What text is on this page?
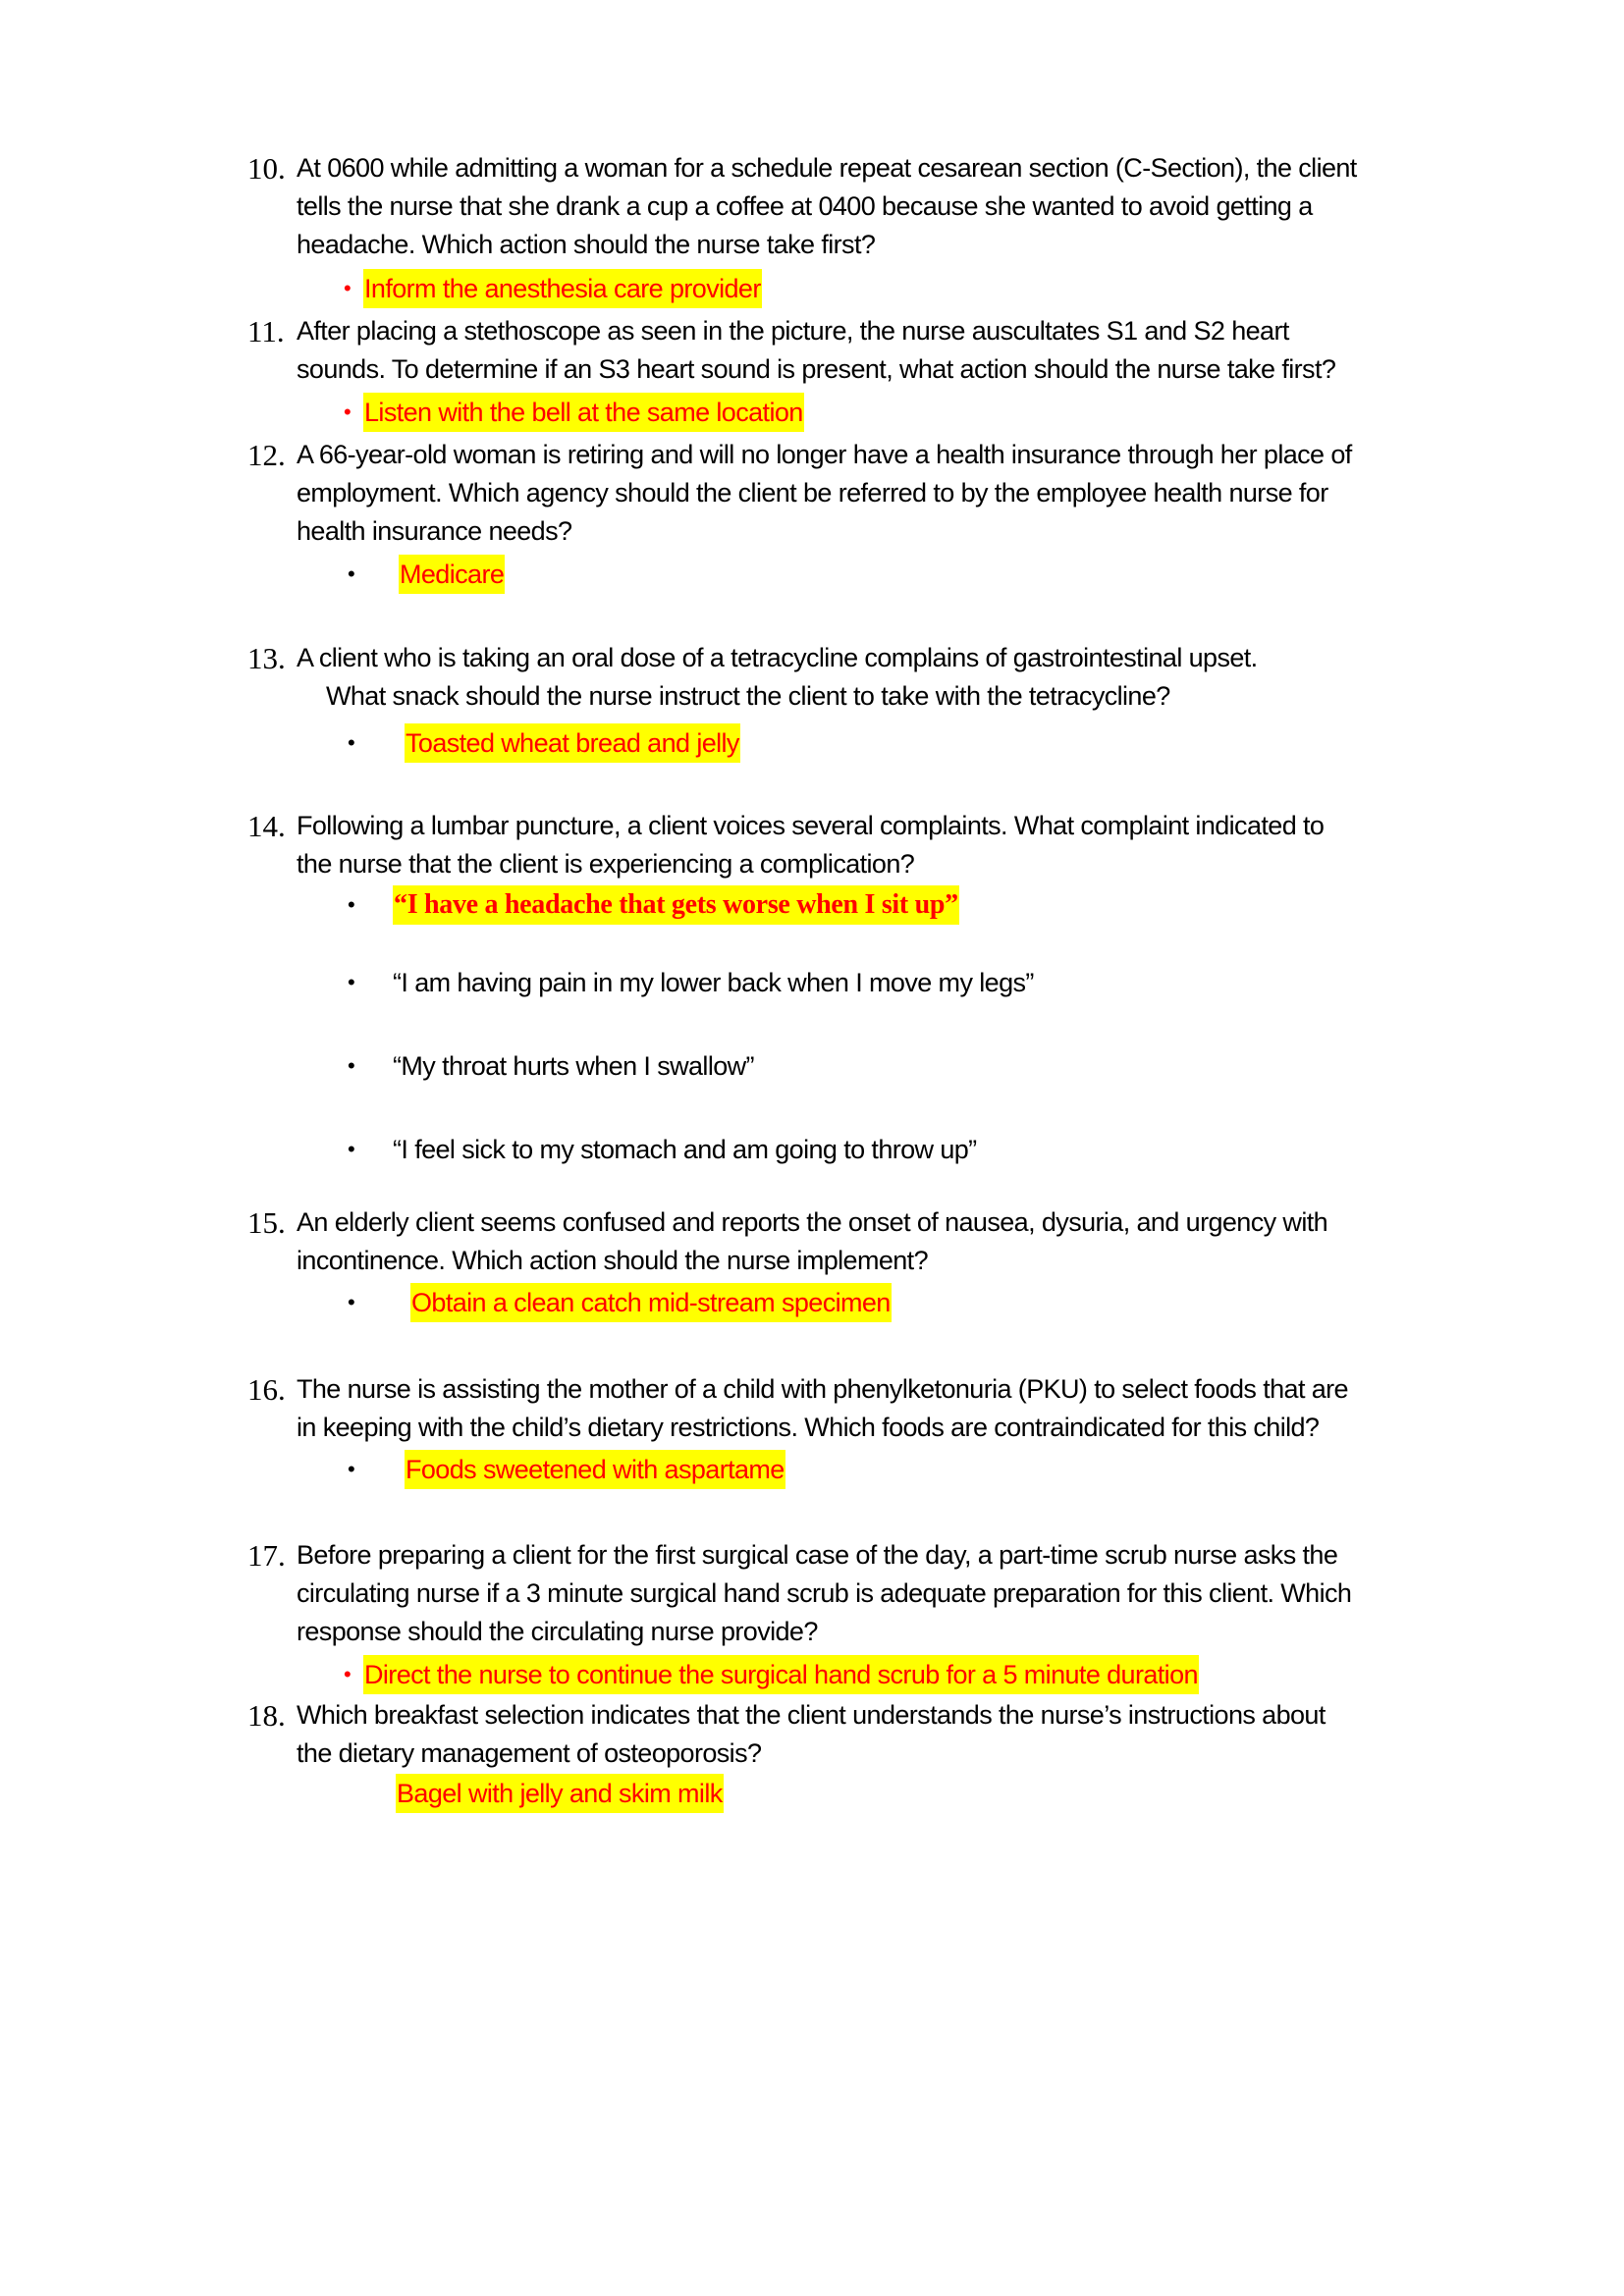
10. At 0600 while admitting a woman for a schedule repeat cesarean section (C-Section), the client
tells the nurse that she drank a cup a coffee at 0400 because she wanted to avoid getting a
headache. Which action should the nurse take first?
• Inform the anesthesia care provider
11. After placing a stethoscope as seen in the picture, the nurse auscultates S1 and S2 heart
sounds. To determine if an S3 heart sound is present, what action should the nurse take first?
• Listen with the bell at the same location
12. A 66-year-old woman is retiring and will no longer have a health insurance through her place of
employment. Which agency should the client be referred to by the employee health nurse for
health insurance needs?
• Medicare
13. A client who is taking an oral dose of a tetracycline complains of gastrointestinal upset.
What snack should the nurse instruct the client to take with the tetracycline?
• Toasted wheat bread and jelly
14. Following a lumbar puncture, a client voices several complaints. What complaint indicated to
the nurse that the client is experiencing a complication?
• “I have a headache that gets worse when I sit up”
• “I am having pain in my lower back when I move my legs”
• “My throat hurts when I swallow”
• “I feel sick to my stomach and am going to throw up”
15. An elderly client seems confused and reports the onset of nausea, dysuria, and urgency with
incontinence. Which action should the nurse implement?
• Obtain a clean catch mid-stream specimen
16. The nurse is assisting the mother of a child with phenylketonuria (PKU) to select foods that are
in keeping with the child’s dietary restrictions. Which foods are contraindicated for this child?
• Foods sweetened with aspartame
17. Before preparing a client for the first surgical case of the day, a part-time scrub nurse asks the
circulating nurse if a 3 minute surgical hand scrub is adequate preparation for this client. Which
response should the circulating nurse provide?
• Direct the nurse to continue the surgical hand scrub for a 5 minute duration
18. Which breakfast selection indicates that the client understands the nurse’s instructions about
the dietary management of osteoporosis?
Bagel with jelly and skim milk
